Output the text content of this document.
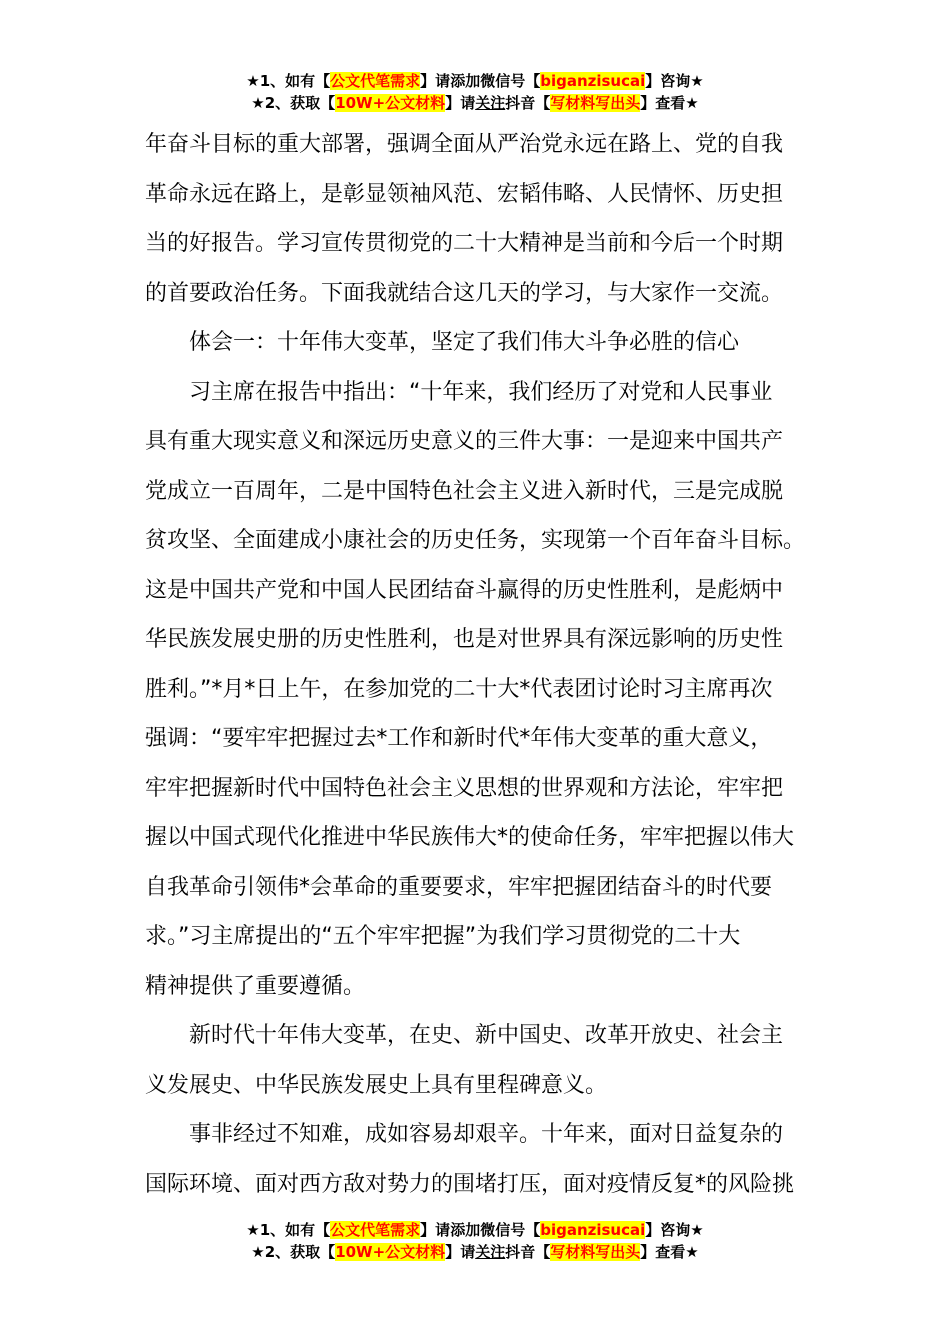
★1、如有【公文代笔需求】请添加微信号【biganzisucai】咨询★
★2、获取【10W+公文材料】请关注抖音【写材料写出头】查看★
年奋斗目标的重大部署，强调全面从严治党永远在路上、党的自我
革命永远在路上，是彰显领袖风范、宏韬伟略、人民情怀、历史担
当的好报告。学习宣传贯彻党的二十大精神是当前和今后一个时期
的首要政治任务。下面我就结合这几天的学习，与大家作一交流。
体会一：十年伟大变革，坚定了我们伟大斗争必胜的信心
习主席在报告中指出：“十年来，我们经历了对党和人民事业
具有重大现实意义和深远历史意义的三件大事：一是迎来中国共产
党成立一百周年，二是中国特色社会主义进入新时代，三是完成脱
贫攻坚、全面建成小康社会的历史任务，实现第一个百年奋斗目标。
这是中国共产党和中国人民团结奋斗赢得的历史性胜利，是彪炳中
华民族发展史册的历史性胜利，也是对世界具有深远影响的历史性
胜利。”*月*日上午，在参加党的二十大*代表团讨论时习主席再次
强调：“要牢牢把握过去*工作和新时代*年伟大变革的重大意义，
牢牢把握新时代中国特色社会主义思想的世界观和方法论，牢牢把
握以中国式现代化推进中华民族伟大*的使命任务，牢牢把握以伟大
自我革命引领伟*会革命的重要要求，牢牢把握团结奋斗的时代要
求。”习主席提出的“五个牢牢把握”为我们学习贯彻党的二十大
精神提供了重要遵循。
新时代十年伟大变革，在史、新中国史、改革开放史、社会主
义发展史、中华民族发展史上具有里程碑意义。
事非经过不知难，成如容易却艰辛。十年来，面对日益复杂的
国际环境、面对西方敌对势力的围堵打压，面对疫情反复*的风险挑
★1、如有【公文代笔需求】请添加微信号【biganzisucai】咨询★
★2、获取【10W+公文材料】请关注抖音【写材料写出头】查看★
